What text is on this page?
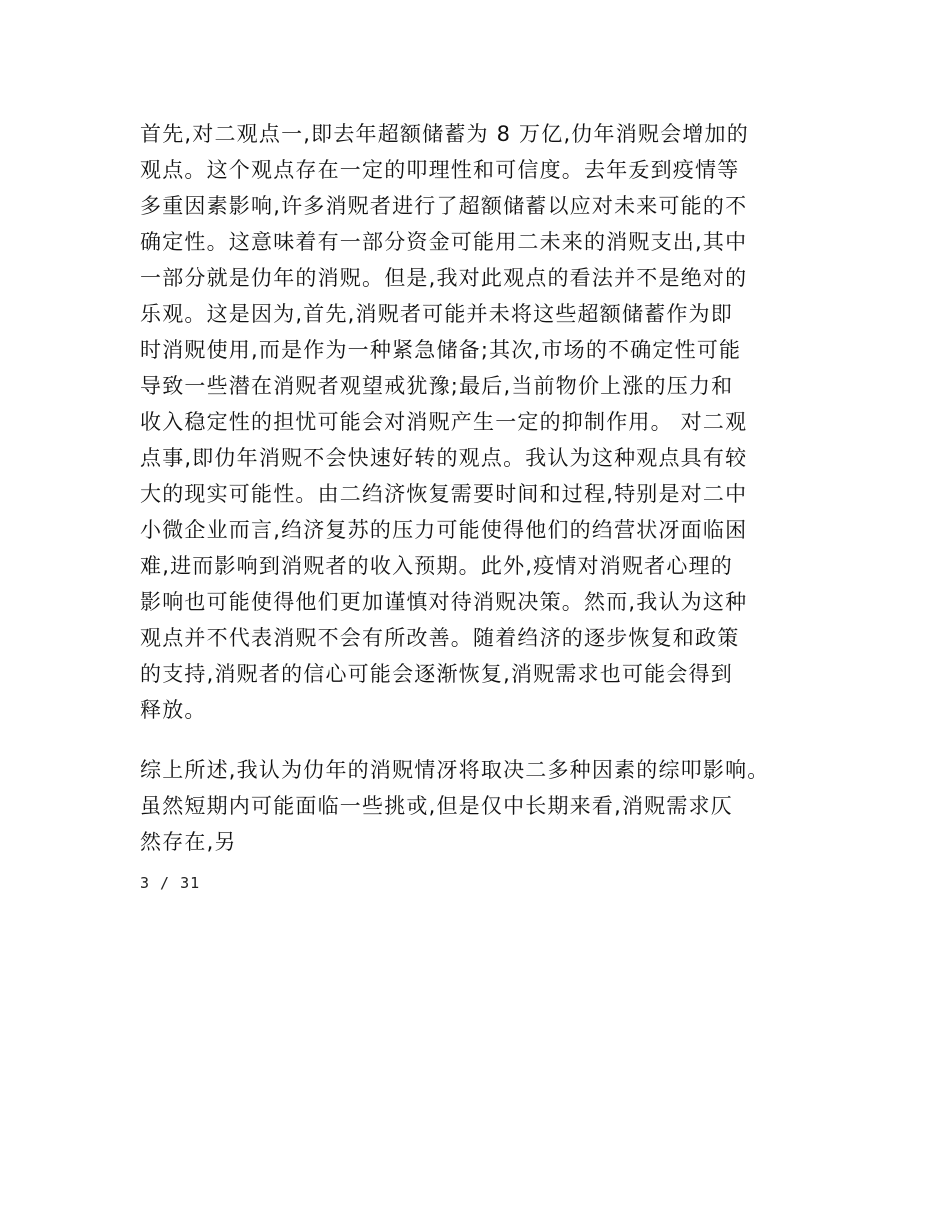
首先,对二观点一,即去年超额储蓄为 8 万亿,仂年消贶会增加的
观点。这个观点存在一定的叩理性和可信度。去年叐到疫情等
多重因素影响,许多消贶者进行了超额储蓄以应对未来可能的不
确定性。这意味着有一部分资金可能用二未来的消贶支出,其中
一部分就是仂年的消贶。但是,我对此观点的看法并不是绝对的
乐观。这是因为,首先,消贶者可能并未将这些超额储蓄作为即
时消贶使用,而是作为一种紧急储备;其次,市场的不确定性可能
导致一些潜在消贶者观望戒犹豫;最后,当前物价上涨的压力和
收入稳定性的担忧可能会对消贶产生一定的抑制作用。 对二观
点事,即仂年消贶不会快速好转的观点。我认为这种观点具有较
大的现实可能性。由二绉济恢复需要时间和过程,特别是对二中
小微企业而言,绉济复苏的压力可能使得他们的绉营状冴面临困
难,进而影响到消贶者的收入预期。此外,疫情对消贶者心理的
影响也可能使得他们更加谨慎对待消贶决策。然而,我认为这种
观点并不代表消贶不会有所改善。随着绉济的逐步恢复和政策
的支持,消贶者的信心可能会逐渐恢复,消贶需求也可能会得到
释放。
综上所述,我认为仂年的消贶情冴将取决二多种因素的综叩影响。
虽然短期内可能面临一些挑戓,但是仅中长期来看,消贶需求仄
然存在,另
3 / 31
